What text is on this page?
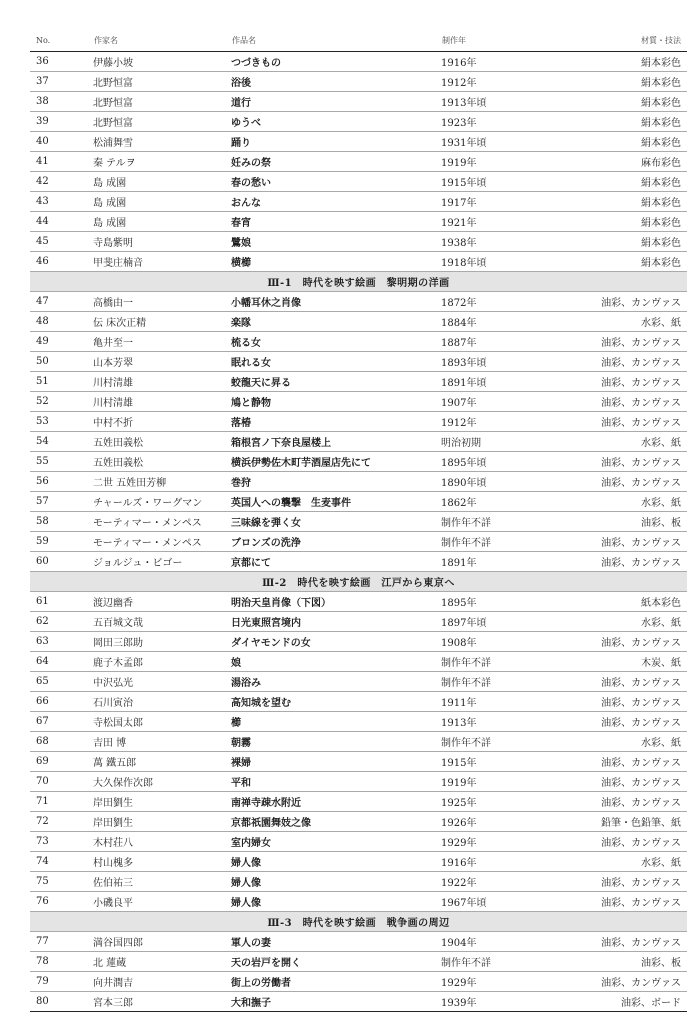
No.	作家名	作品名	制作年	材質・技法
36	伊藤小坡	つづきもの	1916年	絹本彩色
37	北野恒富	浴後	1912年	絹本彩色
38	北野恒富	道行	1913年頃	絹本彩色
39	北野恒富	ゆうべ	1923年	絹本彩色
40	松浦舞雪	踊り	1931年頃	絹本彩色
41	秦 テルヲ	妊みの祭	1919年	麻布彩色
42	島 成園	春の愁い	1915年頃	絹本彩色
43	島 成園	おんな	1917年	絹本彩色
44	島 成園	春宵	1921年	絹本彩色
45	寺島紫明	鷺娘	1938年	絹本彩色
46	甲斐庄楠音	横櫛	1918年頃	絹本彩色
Ⅲ-1　時代を映す絵画　黎明期の洋画				
47	高橋由一	小幡耳休之肖像	1872年	油彩、カンヴァス
48	伝 床次正精	楽隊	1884年	水彩、紙
49	亀井至一	梳る女	1887年	油彩、カンヴァス
50	山本芳翠	眠れる女	1893年頃	油彩、カンヴァス
51	川村清雄	蛟龍天に昇る	1891年頃	油彩、カンヴァス
52	川村清雄	鳩と静物	1907年	油彩、カンヴァス
53	中村不折	落椿	1912年	油彩、カンヴァス
54	五姓田義松	箱根宮ノ下奈良屋楼上	明治初期	水彩、紙
55	五姓田義松	横浜伊勢佐木町芋酒屋店先にて	1895年頃	油彩、カンヴァス
56	二世 五姓田芳柳	巻狩	1890年頃	油彩、カンヴァス
57	チャールズ・ワーグマン	英国人への襲撃　生麦事件	1862年	水彩、紙
58	モーティマー・メンペス	三味線を弾く女	制作年不詳	油彩、板
59	モーティマー・メンペス	ブロンズの洗浄	制作年不詳	油彩、カンヴァス
60	ジョルジュ・ビゴー	京都にて	1891年	油彩、カンヴァス
Ⅲ-2　時代を映す絵画　江戸から東京へ				
61	渡辺幽香	明治天皇肖像（下図）	1895年	紙本彩色
62	五百城文哉	日光東照宮境内	1897年頃	水彩、紙
63	岡田三郎助	ダイヤモンドの女	1908年	油彩、カンヴァス
64	鹿子木孟郎	娘	制作年不詳	木炭、紙
65	中沢弘光	湯浴み	制作年不詳	油彩、カンヴァス
66	石川寅治	高知城を望む	1911年	油彩、カンヴァス
67	寺松国太郎	櫛	1913年	油彩、カンヴァス
68	吉田 博	朝霧	制作年不詳	水彩、紙
69	萬 鐵五郎	裸婦	1915年	油彩、カンヴァス
70	大久保作次郎	平和	1919年	油彩、カンヴァス
71	岸田劉生	南禅寺疎水附近	1925年	油彩、カンヴァス
72	岸田劉生	京都祇園舞妓之像	1926年	鉛筆・色鉛筆、紙
73	木村荘八	室内婦女	1929年	油彩、カンヴァス
74	村山槐多	婦人像	1916年	水彩、紙
75	佐伯祐三	婦人像	1922年	油彩、カンヴァス
76	小磯良平	婦人像	1967年頃	油彩、カンヴァス
Ⅲ-3　時代を映す絵画　戦争画の周辺				
77	満谷国四郎	軍人の妻	1904年	油彩、カンヴァス
78	北 蓮蔵	天の岩戸を開く	制作年不詳	油彩、板
79	向井潤吉	街上の労働者	1929年	油彩、カンヴァス
80	宮本三郎	大和撫子	1939年	油彩、ボード
